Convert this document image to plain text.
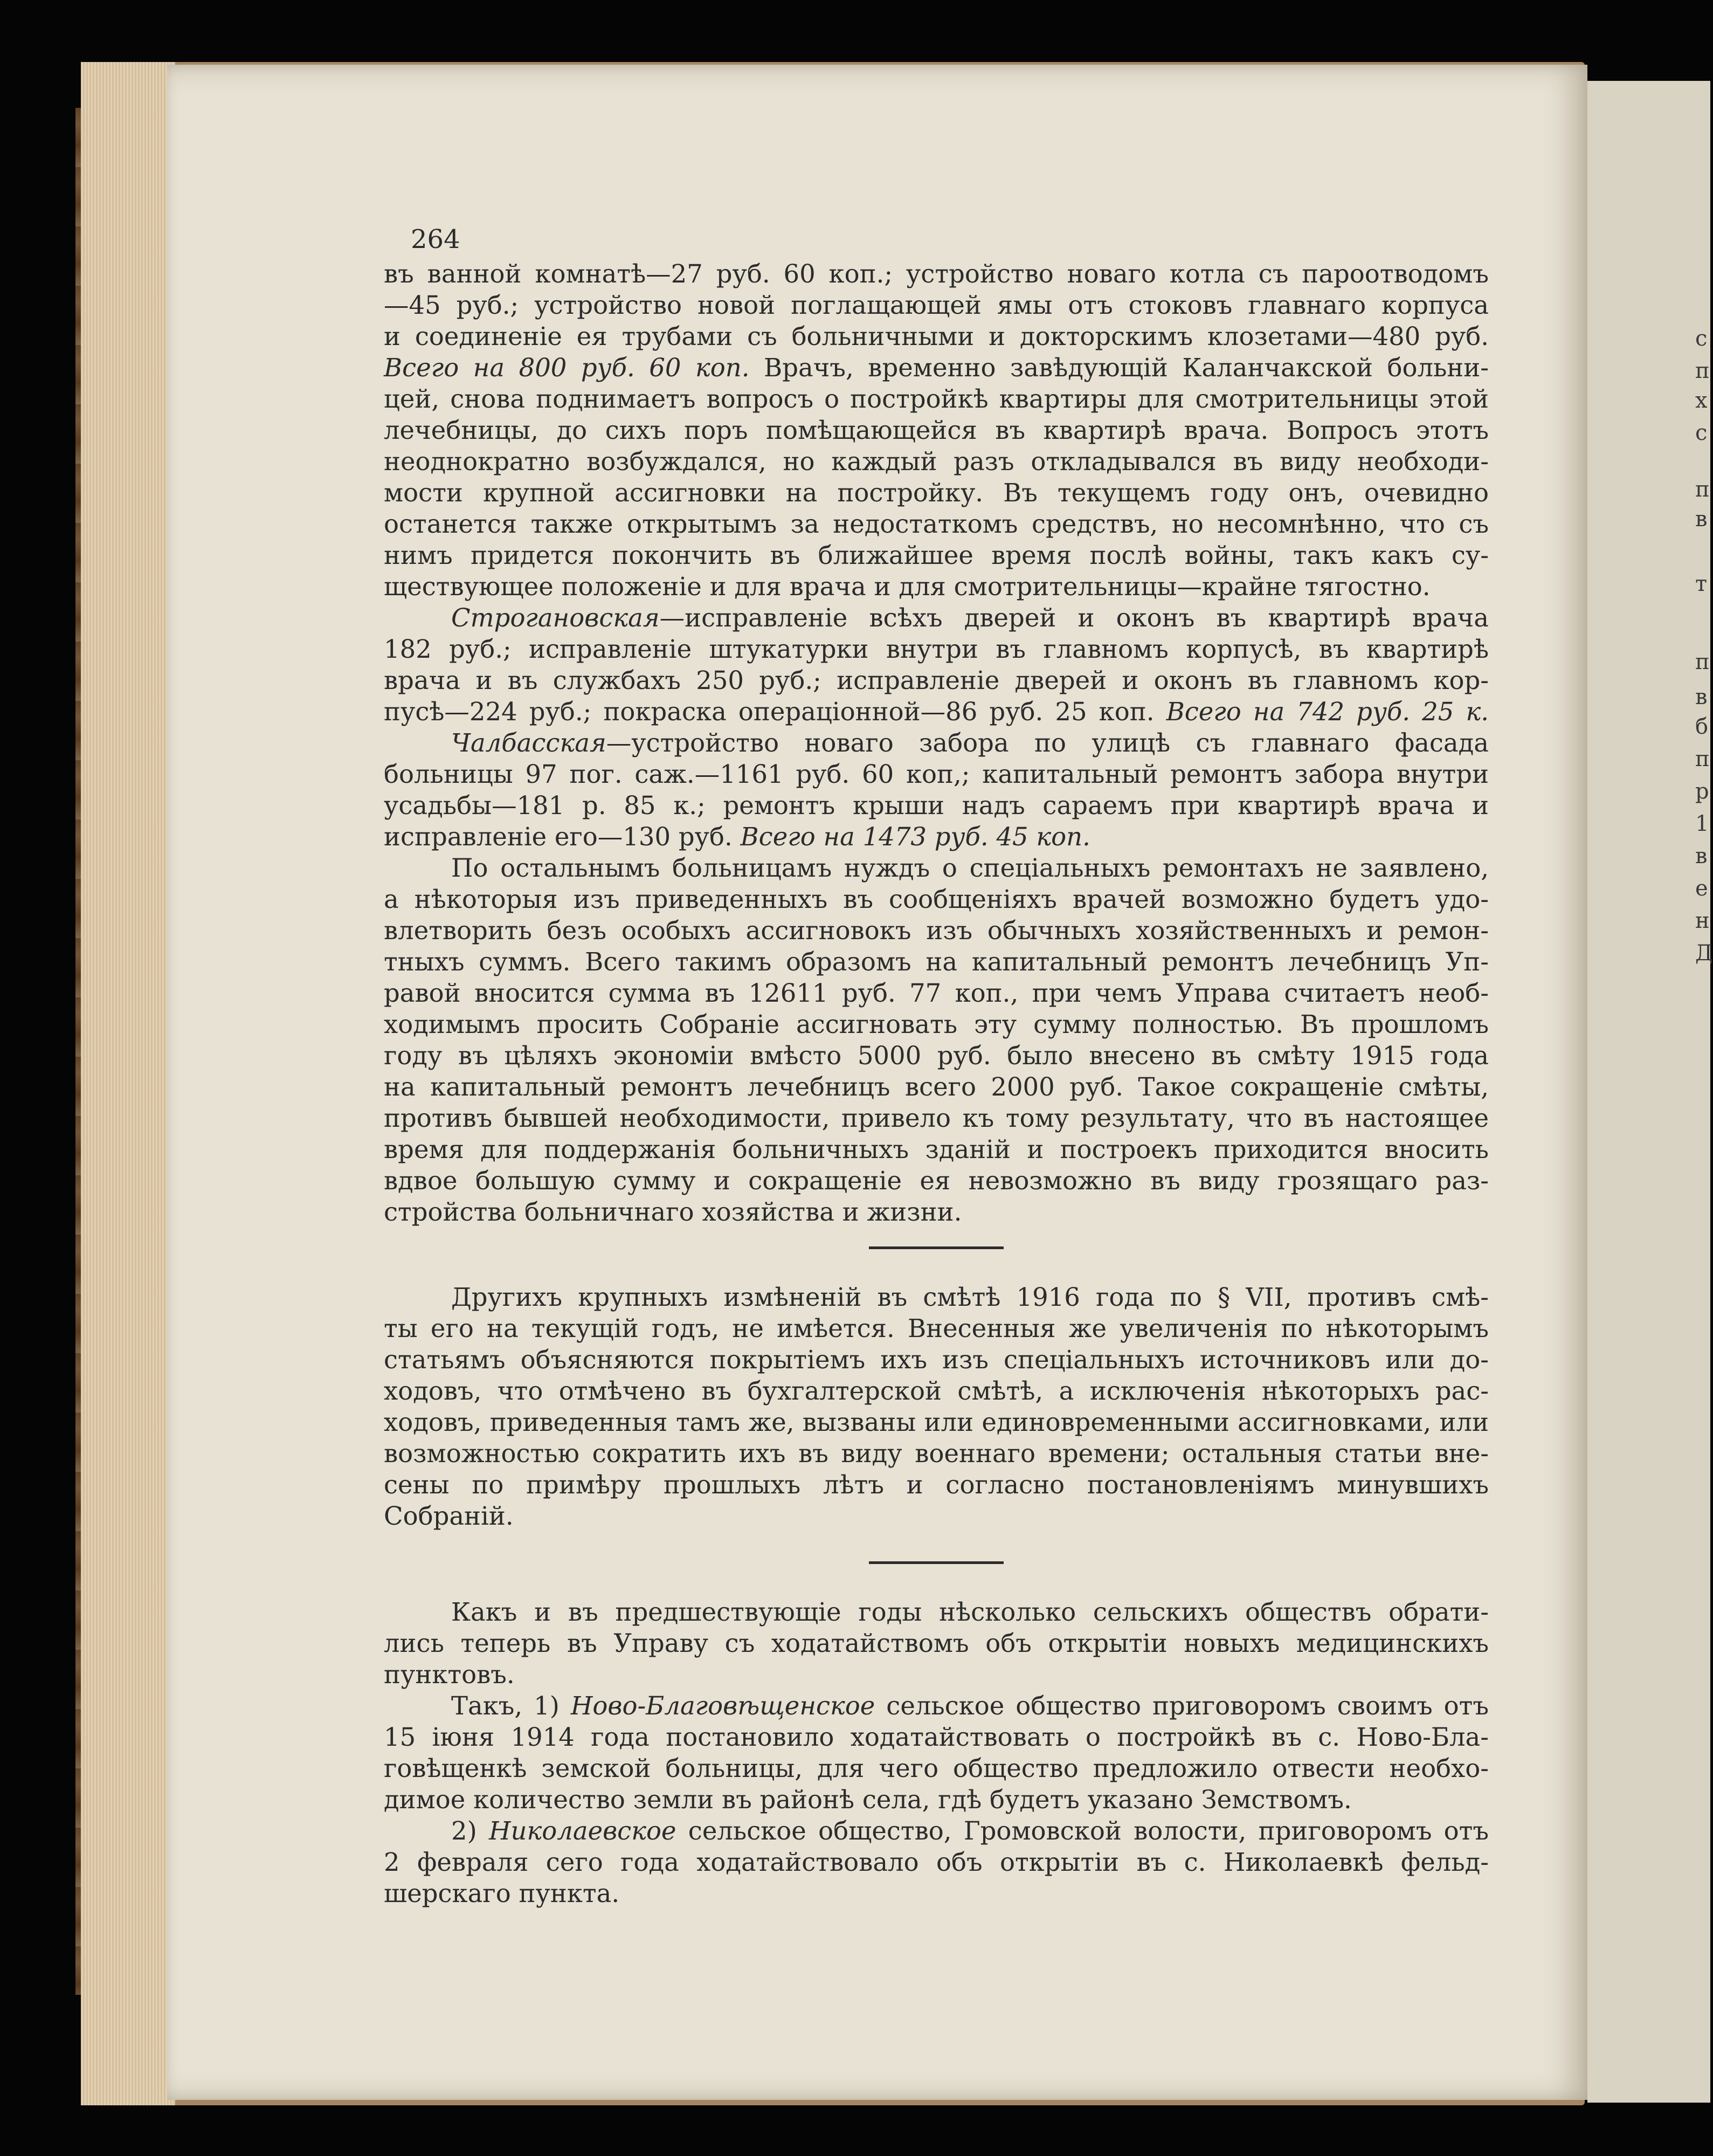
264
въ ванной комнатѣ—27 руб. 60 коп.; устройство новаго котла съ пароотводомъ
—45 руб.; устройство новой поглащающей ямы отъ стоковъ главнаго корпуса
и соединеніе ея трубами съ больничными и докторскимъ клозетами—480 руб.
Всего на 800 руб. 60 коп. Врачъ, временно завѣдующій Каланчакской больни-
цей, снова поднимаетъ вопросъ о постройкѣ квартиры для смотрительницы этой
лечебницы, до сихъ поръ помѣщающейся въ квартирѣ врача. Вопросъ этотъ
неоднократно возбуждался, но каждый разъ откладывался въ виду необходи-
мости крупной ассигновки на постройку. Въ текущемъ году онъ, очевидно
останется также открытымъ за недостаткомъ средствъ, но несомнѣнно, что съ
нимъ придется покончить въ ближайшее время послѣ войны, такъ какъ су-
ществующее положеніе и для врача и для смотрительницы—крайне тягостно.
Строгановская—исправленіе всѣхъ дверей и оконъ въ квартирѣ врача
182 руб.; исправленіе штукатурки внутри въ главномъ корпусѣ, въ квартирѣ
врача и въ службахъ 250 руб.; исправленіе дверей и оконъ въ главномъ кор-
пусѣ—224 руб.; покраска операціонной—86 руб. 25 коп. Всего на 742 руб. 25 к.
Чалбасская—устройство новаго забора по улицѣ съ главнаго фасада
больницы 97 пог. саж.—1161 руб. 60 коп,; капитальный ремонтъ забора внутри
усадьбы—181 р. 85 к.; ремонтъ крыши надъ сараемъ при квартирѣ врача и
исправленіе его—130 руб. Всего на 1473 руб. 45 коп.
По остальнымъ больницамъ нуждъ о спеціальныхъ ремонтахъ не заявлено,
а нѣкоторыя изъ приведенныхъ въ сообщеніяхъ врачей возможно будетъ удо-
влетворить безъ особыхъ ассигновокъ изъ обычныхъ хозяйственныхъ и ремон-
тныхъ суммъ. Всего такимъ образомъ на капитальный ремонтъ лечебницъ Уп-
равой вносится сумма въ 12611 руб. 77 коп., при чемъ Управа считаетъ необ-
ходимымъ просить Собраніе ассигновать эту сумму полностью. Въ прошломъ
году въ цѣляхъ экономіи вмѣсто 5000 руб. было внесено въ смѣту 1915 года
на капитальный ремонтъ лечебницъ всего 2000 руб. Такое сокращеніе смѣты,
противъ бывшей необходимости, привело къ тому результату, что въ настоящее
время для поддержанія больничныхъ зданій и построекъ приходится вносить
вдвое большую сумму и сокращеніе ея невозможно въ виду грозящаго раз-
стройства больничнаго хозяйства и жизни.
Другихъ крупныхъ измѣненій въ смѣтѣ 1916 года по § VII, противъ смѣ-
ты его на текущій годъ, не имѣется. Внесенныя же увеличенія по нѣкоторымъ
статьямъ объясняются покрытіемъ ихъ изъ спеціальныхъ источниковъ или до-
ходовъ, что отмѣчено въ бухгалтерской смѣтѣ, а исключенія нѣкоторыхъ рас-
ходовъ, приведенныя тамъ же, вызваны или единовременными ассигновками, или
возможностью сократить ихъ въ виду военнаго времени; остальныя статьи вне-
сены по примѣру прошлыхъ лѣтъ и согласно постановленіямъ минувшихъ
Собраній.
Какъ и въ предшествующіе годы нѣсколько сельскихъ обществъ обрати-
лись теперь въ Управу съ ходатайствомъ объ открытіи новыхъ медицинскихъ
пунктовъ.
Такъ, 1) Ново-Благовѣщенское сельское общество приговоромъ своимъ отъ
15 іюня 1914 года постановило ходатайствовать о постройкѣ въ с. Ново-Бла-
говѣщенкѣ земской больницы, для чего общество предложило отвести необхо-
димое количество земли въ районѣ села, гдѣ будетъ указано Земствомъ.
2) Николаевское сельское общество, Громовской волости, приговоромъ отъ
2 февраля сего года ходатайствовало объ открытіи въ с. Николаевкѣ фельд-
шерскаго пункта.
с
п
х
с
п
в
т
п
в
б
п
р
1
в
е
н
Д
